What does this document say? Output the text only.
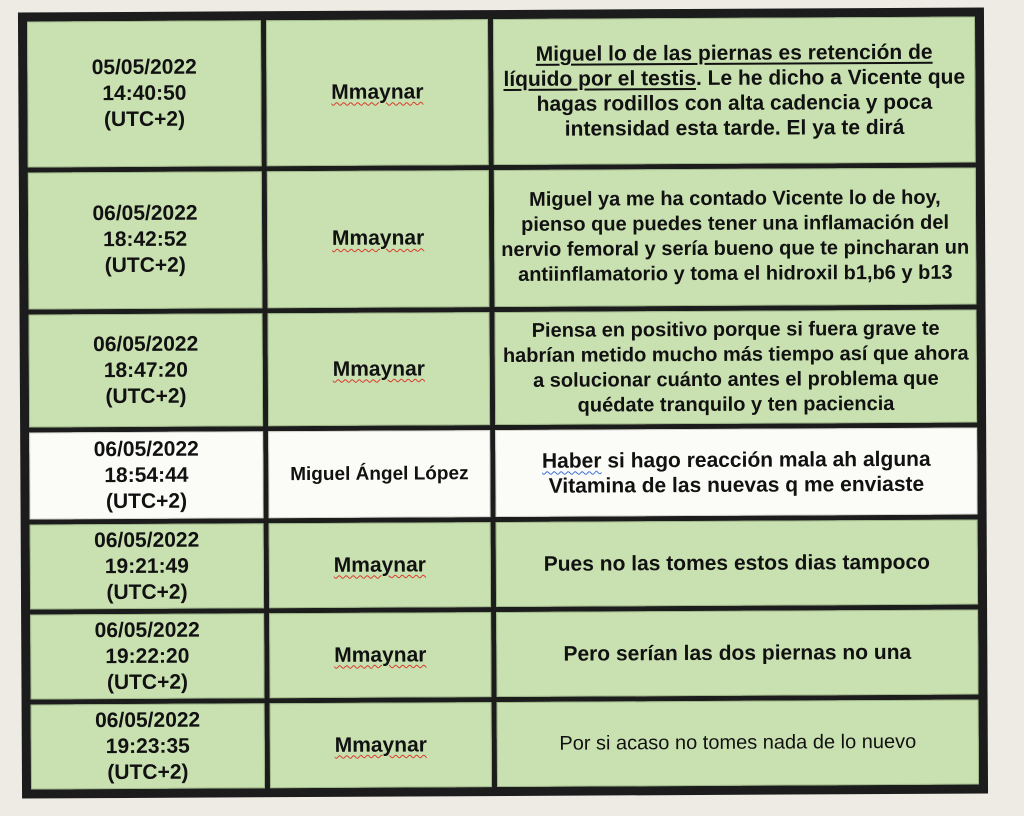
05/05/2022
14:40:50
(UTC+2)	Mmaynar	Miguel lo de las piernas es retención de líquido por el testis. Le he dicho a Vicente que hagas rodillos con alta cadencia y poca intensidad esta tarde. El ya te dirá

06/05/2022
18:42:52
(UTC+2)	Mmaynar	Miguel ya me ha contado Vicente lo de hoy, pienso que puedes tener una inflamación del nervio femoral y sería bueno que te pincharan un antiinflamatorio y toma el hidroxil b1,b6 y b13

06/05/2022
18:47:20
(UTC+2)	Mmaynar	Piensa en positivo porque si fuera grave te habrían metido mucho más tiempo así que ahora a solucionar cuánto antes el problema que quédate tranquilo y ten paciencia

06/05/2022
18:54:44
(UTC+2)	Miguel Ángel López	Haber si hago reacción mala ah alguna Vitamina de las nuevas q me enviaste

06/05/2022
19:21:49
(UTC+2)	Mmaynar	Pues no las tomes estos dias tampoco

06/05/2022
19:22:20
(UTC+2)	Mmaynar	Pero serían las dos piernas no una

06/05/2022
19:23:35
(UTC+2)	Mmaynar	Por si acaso no tomes nada de lo nuevo
